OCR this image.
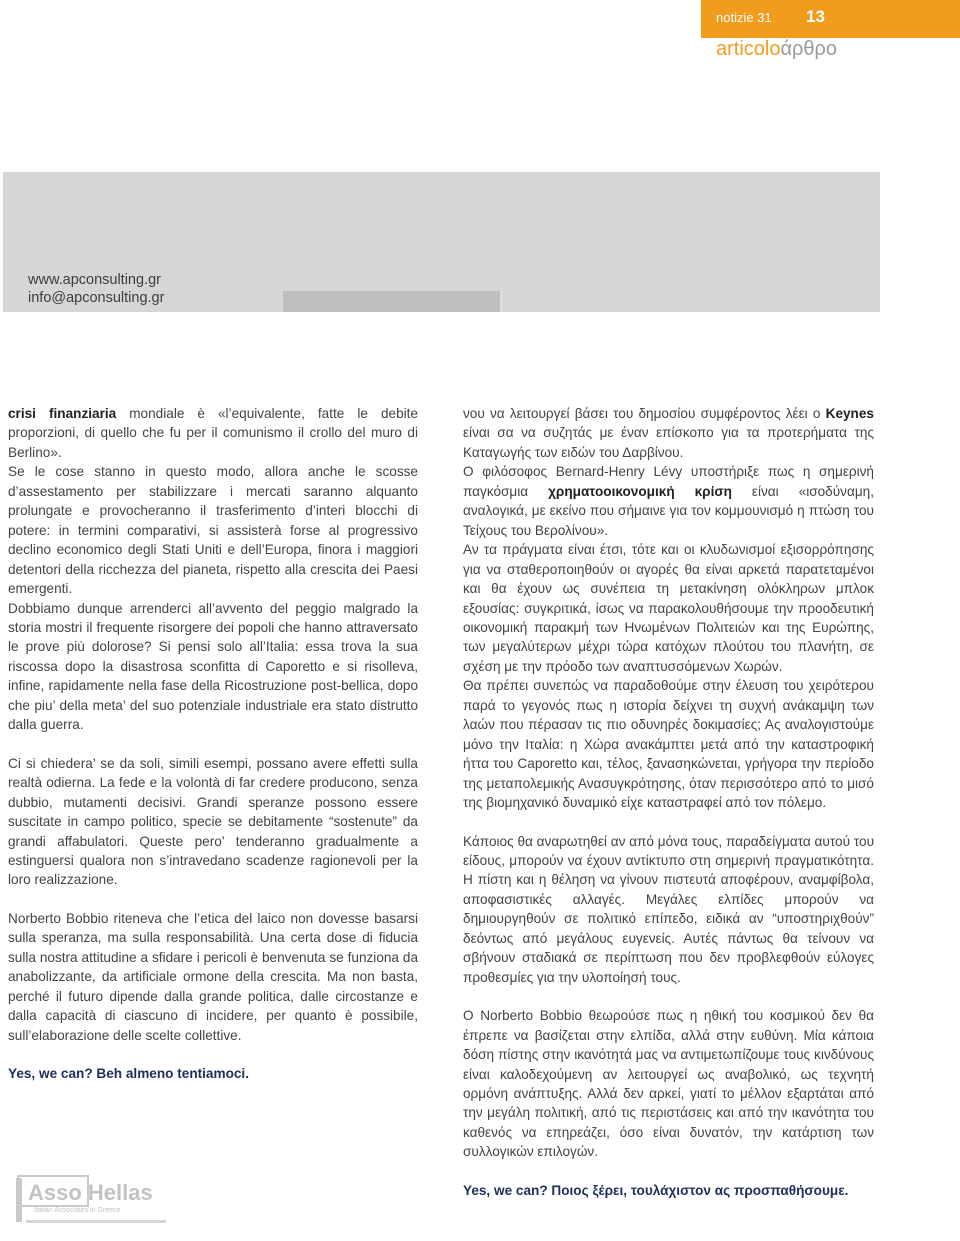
notizie 31 13
articoloάρθρο
www.apconsulting.gr
info@apconsulting.gr

crisi finanziaria mondiale è «l’equivalente, fatte le debite proporzioni, di quello che fu per il comunismo il crollo del muro di Berlino».

Se le cose stanno in questo modo, allora anche le scosse d’assestamento per stabilizzare i mercati saranno alquanto prolungate e provocheranno il trasferimento d’interi blocchi di potere: in termini comparativi, si assisterà forse al progressivo declino economico degli Stati Uniti e dell’Europa, finora i maggiori detentori della ricchezza del pianeta, rispetto alla crescita dei Paesi emergenti.

Dobbiamo dunque arrenderci all’avvento del peggio malgrado la storia mostri il frequente risorgere dei popoli che hanno attraversato le prove più dolorose? Si pensi solo all’Italia: essa trova la sua riscossa dopo la disastrosa sconfitta di Caporetto e si risolleva, infine, rapidamente nella fase della Ricostruzione post-bellica, dopo che piu’ della meta’ del suo potenziale industriale era stato distrutto dalla guerra.

Ci si chiedera’ se da soli, simili esempi, possano avere effetti sulla realtà odierna. La fede e la volontà di far credere producono, senza dubbio, mutamenti decisivi. Grandi speranze possono essere suscitate in campo politico, specie se debitamente “sostenute” da grandi affabulatori. Queste pero’ tenderanno gradualmente a estinguersi qualora non s’intravedano scadenze ragionevoli per la loro realizzazione.

Norberto Bobbio riteneva che l’etica del laico non dovesse basarsi sulla speranza, ma sulla responsabilità. Una certa dose di fiducia sulla nostra attitudine a sfidare i pericoli è benvenuta se funziona da anabolizzante, da artificiale ormone della crescita. Ma non basta, perché il futuro dipende dalla grande politica, dalle circostanze e dalla capacità di ciascuno di incidere, per quanto è possibile, sull’elaborazione delle scelte collettive.

Yes, we can? Beh almeno tentiamoci.

νου να λειτουργεί βάσει του δημοσίου συμφέροντος λέει ο Keynes είναι σα να συζητάς με έναν επίσκοπο για τα προτερήματα της Καταγωγής των ειδών του Δαρβίνου.

Ο φιλόσοφος Bernard-Henry Lévy υποστήριξε πως η σημερινή παγκόσμια χρηματοοικονομική κρίση είναι «ισοδύναμη, αναλογικά, με εκείνο που σήμαινε για τον κομμουνισμό η πτώση του Τείχους του Βερολίνου».

Αν τα πράγματα είναι έτσι, τότε και οι κλυδωνισμοί εξισορρόπησης για να σταθεροποιηθούν οι αγορές θα είναι αρκετά παρατεταμένοι και θα έχουν ως συνέπεια τη μετακίνηση ολόκληρων μπλοκ εξουσίας: συγκριτικά, ίσως να παρακολουθήσουμε την προοδευτική οικονομική παρακμή των Ηνωμένων Πολιτειών και της Ευρώπης, των μεγαλύτερων μέχρι τώρα κατόχων πλούτου του πλανήτη, σε σχέση με την πρόοδο των αναπτυσσόμενων Χωρών.

Θα πρέπει συνεπώς να παραδοθούμε στην έλευση του χειρότερου παρά το γεγονός πως η ιστορία δείχνει τη συχνή ανάκαμψη των λαών που πέρασαν τις πιο οδυνηρές δοκιμασίες; Ας αναλογιστούμε μόνο την Ιταλία: η Χώρα ανακάμπτει μετά από την καταστροφική ήττα του Caporetto και, τέλος, ξανασηκώνεται, γρήγορα την περίοδο της μεταπολεμικής Ανασυγκρότησης, όταν περισσότερο από το μισό της βιομηχανικό δυναμικό είχε καταστραφεί από τον πόλεμο.

Κάποιος θα αναρωτηθεί αν από μόνα τους, παραδείγματα αυτού του είδους, μπορούν να έχουν αντίκτυπο στη σημερινή πραγματικότητα. Η πίστη και η θέληση να γίνουν πιστευτά αποφέρουν, αναμφίβολα, αποφασιστικές αλλαγές. Μεγάλες ελπίδες μπορούν να δημιουργηθούν σε πολιτικό επίπεδο, ειδικά αν “υποστηριχθούν” δεόντως από μεγάλους ευγενείς. Αυτές πάντως θα τείνουν να σβήνουν σταδιακά σε περίπτωση που δεν προβλεφθούν εύλογες προθεσμίες για την υλοποίησή τους.

Ο Norberto Bobbio θεωρούσε πως η ηθική του κοσμικού δεν θα έπρεπε να βασίζεται στην ελπίδα, αλλά στην ευθύνη. Μία κάποια δόση πίστης στην ικανότητά μας να αντιμετωπίζουμε τους κινδύνους είναι καλοδεχούμενη αν λειτουργεί ως αναβολικό, ως τεχνητή ορμόνη ανάπτυξης. Αλλά δεν αρκεί, γιατί το μέλλον εξαρτάται από την μεγάλη πολιτική, από τις περιστάσεις και από την ικανότητα του καθενός να επηρεάζει, όσο είναι δυνατόν, την κατάρτιση των συλλογικών επιλογών.

Yes, we can? Ποιος ξέρει, τουλάχιστον ας προσπαθήσουμε.

Asso Hellas
Italian Associates in Greece
